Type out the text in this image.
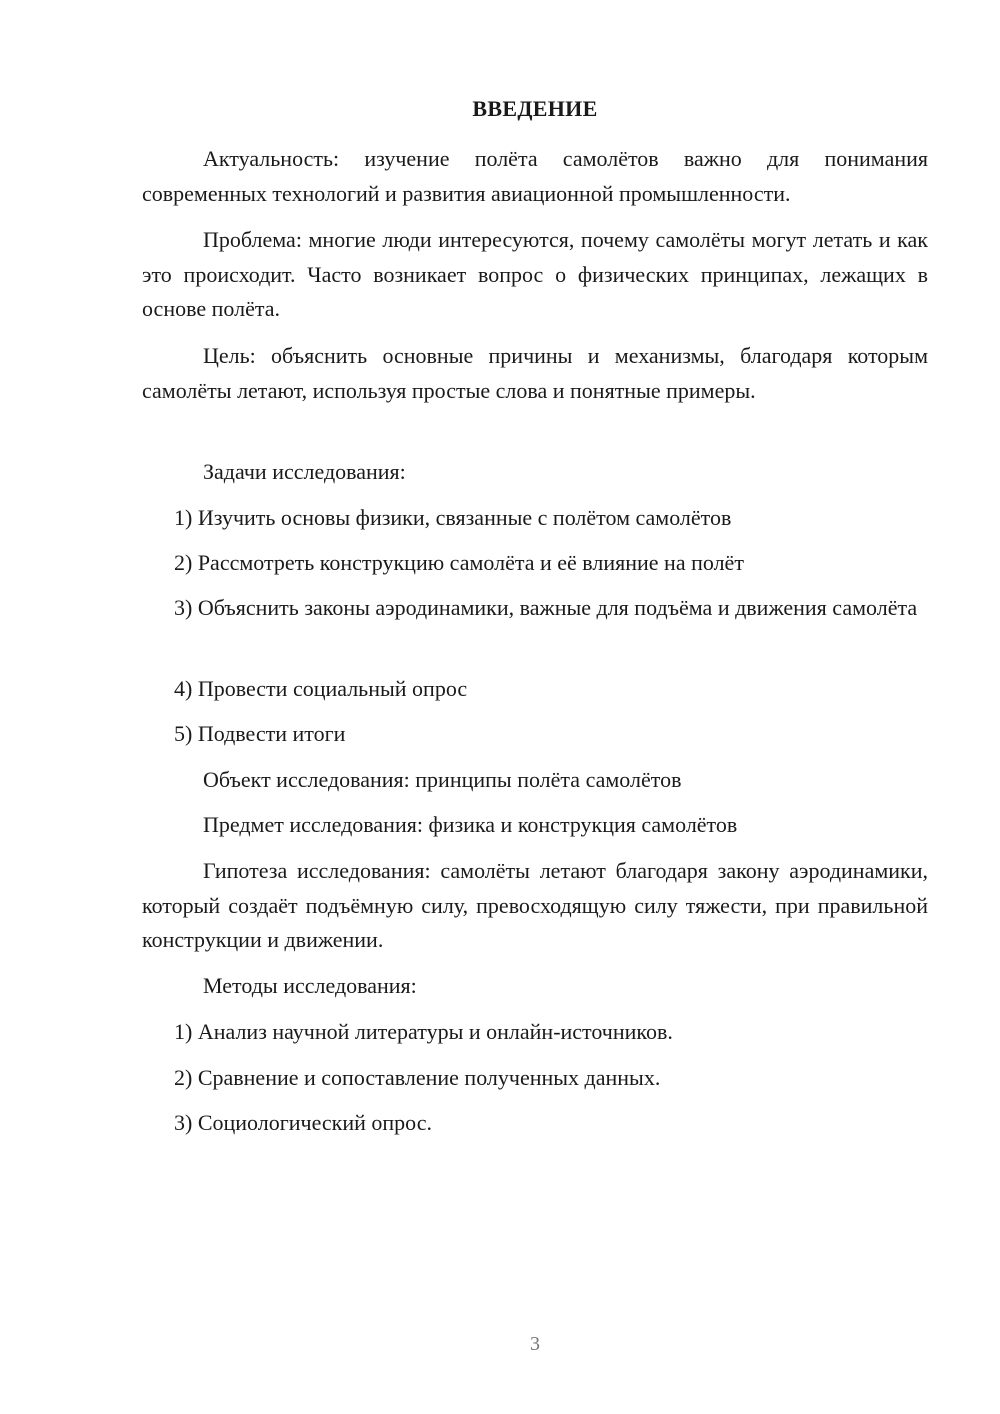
ВВЕДЕНИЕ

Актуальность: изучение полёта самолётов важно для понимания современных технологий и развития авиационной промышленности.

Проблема: многие люди интересуются, почему самолёты могут летать и как это происходит. Часто возникает вопрос о физических принципах, лежащих в основе полёта.

Цель: объяснить основные причины и механизмы, благодаря которым самолёты летают, используя простые слова и понятные примеры.

Задачи исследования:

1) Изучить основы физики, связанные с полётом самолётов

2) Рассмотреть конструкцию самолёта и её влияние на полёт

3) Объяснить законы аэродинамики, важные для подъёма и движения самолёта

4) Провести социальный опрос

5) Подвести итоги

Объект исследования: принципы полёта самолётов

Предмет исследования: физика и конструкция самолётов

Гипотеза исследования: самолёты летают благодаря закону аэродинамики, который создаёт подъёмную силу, превосходящую силу тяжести, при правильной конструкции и движении.

Методы исследования:

1) Анализ научной литературы и онлайн-источников.

2) Сравнение и сопоставление полученных данных.

3) Социологический опрос.

3
